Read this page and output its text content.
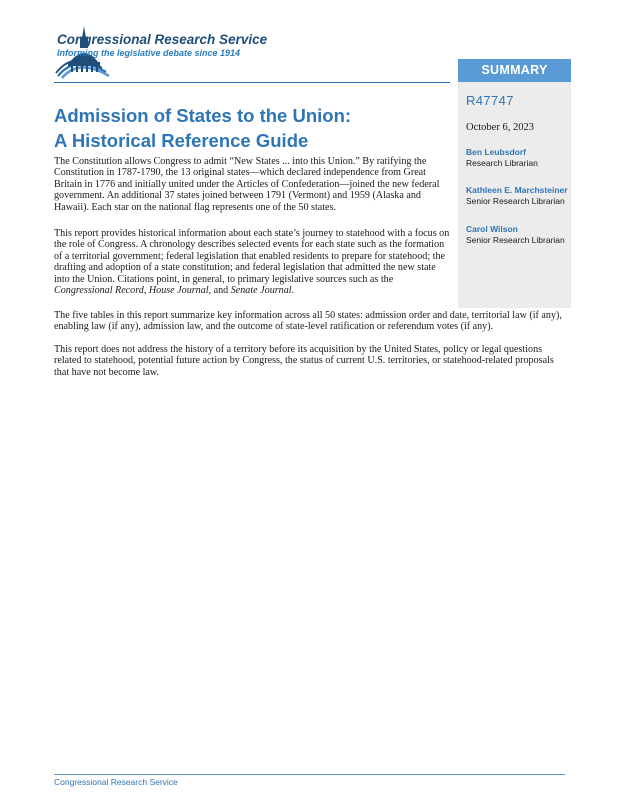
Congressional Research Service
Informing the legislative debate since 1914
SUMMARY
R47747
October 6, 2023
Ben Leubsdorf
Research Librarian
Kathleen E. Marchsteiner
Senior Research Librarian
Carol Wilson
Senior Research Librarian
Admission of States to the Union:
A Historical Reference Guide

The Constitution allows Congress to admit “New States ... into this Union.” By ratifying the Constitution in 1787-1790, the 13 original states—which declared independence from Great Britain in 1776 and initially united under the Articles of Confederation—joined the new federal government. An additional 37 states joined between 1791 (Vermont) and 1959 (Alaska and Hawaii). Each star on the national flag represents one of the 50 states.

This report provides historical information about each state’s journey to statehood with a focus on the role of Congress. A chronology describes selected events for each state such as the formation of a territorial government; federal legislation that enabled residents to prepare for statehood; the drafting and adoption of a state constitution; and federal legislation that admitted the new state into the Union. Citations point, in general, to primary legislative sources such as the Congressional Record, House Journal, and Senate Journal.

The five tables in this report summarize key information across all 50 states: admission order and date, territorial law (if any), enabling law (if any), admission law, and the outcome of state-level ratification or referendum votes (if any).

This report does not address the history of a territory before its acquisition by the United States, policy or legal questions related to statehood, potential future action by Congress, the status of current U.S. territories, or statehood-related proposals that have not become law.

Congressional Research Service
